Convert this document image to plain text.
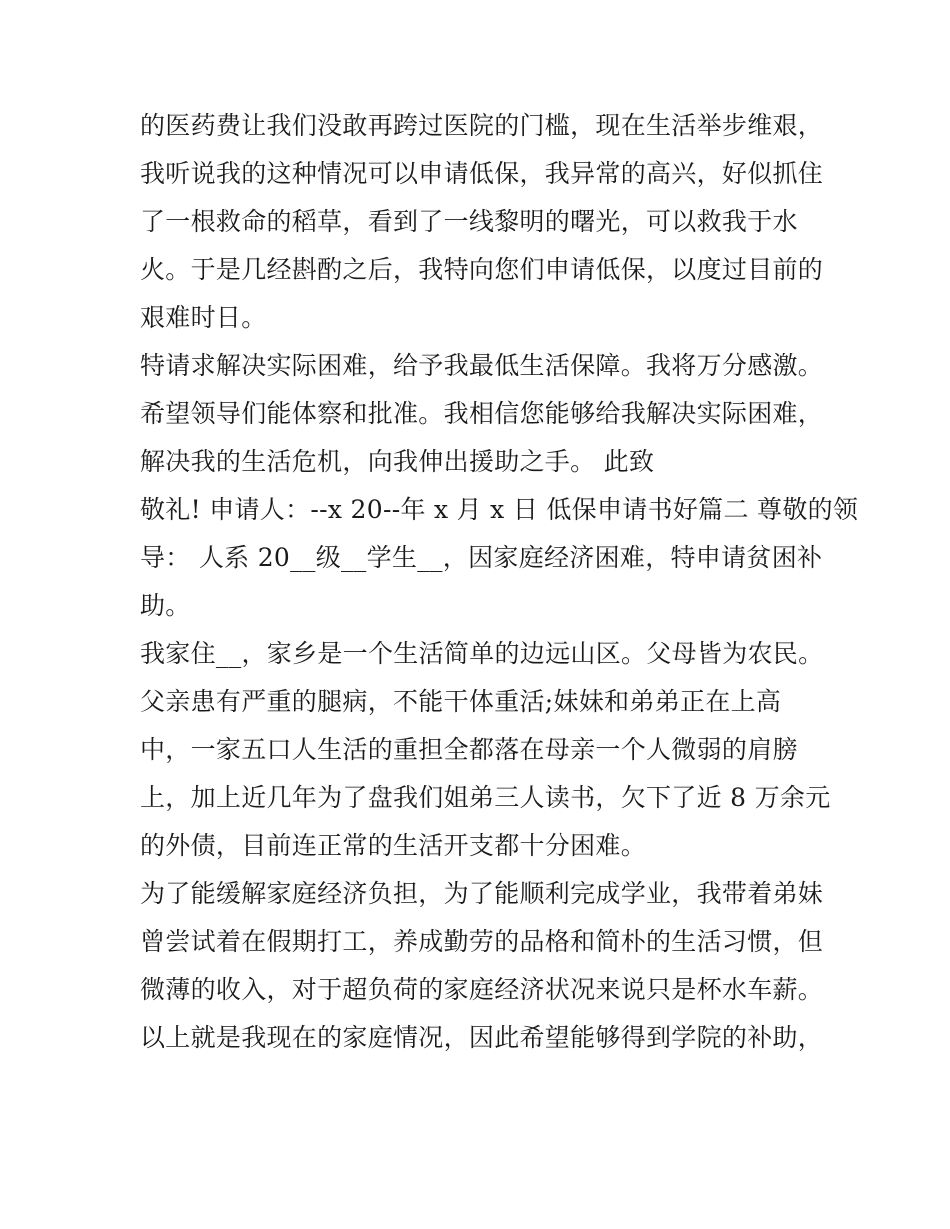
的医药费让我们没敢再跨过医院的门槛，现在生活举步维艰，
我听说我的这种情况可以申请低保，我异常的高兴，好似抓住
了一根救命的稻草，看到了一线黎明的曙光，可以救我于水
火。于是几经斟酌之后，我特向您们申请低保，以度过目前的
艰难时日。
特请求解决实际困难，给予我最低生活保障。我将万分感激。
希望领导们能体察和批准。我相信您能够给我解决实际困难，
解决我的生活危机，向我伸出援助之手。 此致
敬礼! 申请人：--x 20--年 x 月 x 日 低保申请书好篇二 尊敬的领
导： 人系 20__级__学生__，因家庭经济困难，特申请贫困补
助。
我家住__，家乡是一个生活简单的边远山区。父母皆为农民。
父亲患有严重的腿病，不能干体重活;妹妹和弟弟正在上高
中，一家五口人生活的重担全都落在母亲一个人微弱的肩膀
上，加上近几年为了盘我们姐弟三人读书，欠下了近 8 万余元
的外债，目前连正常的生活开支都十分困难。
为了能缓解家庭经济负担，为了能顺利完成学业，我带着弟妹
曾尝试着在假期打工，养成勤劳的品格和简朴的生活习惯，但
微薄的收入，对于超负荷的家庭经济状况来说只是杯水车薪。
以上就是我现在的家庭情况，因此希望能够得到学院的补助，
